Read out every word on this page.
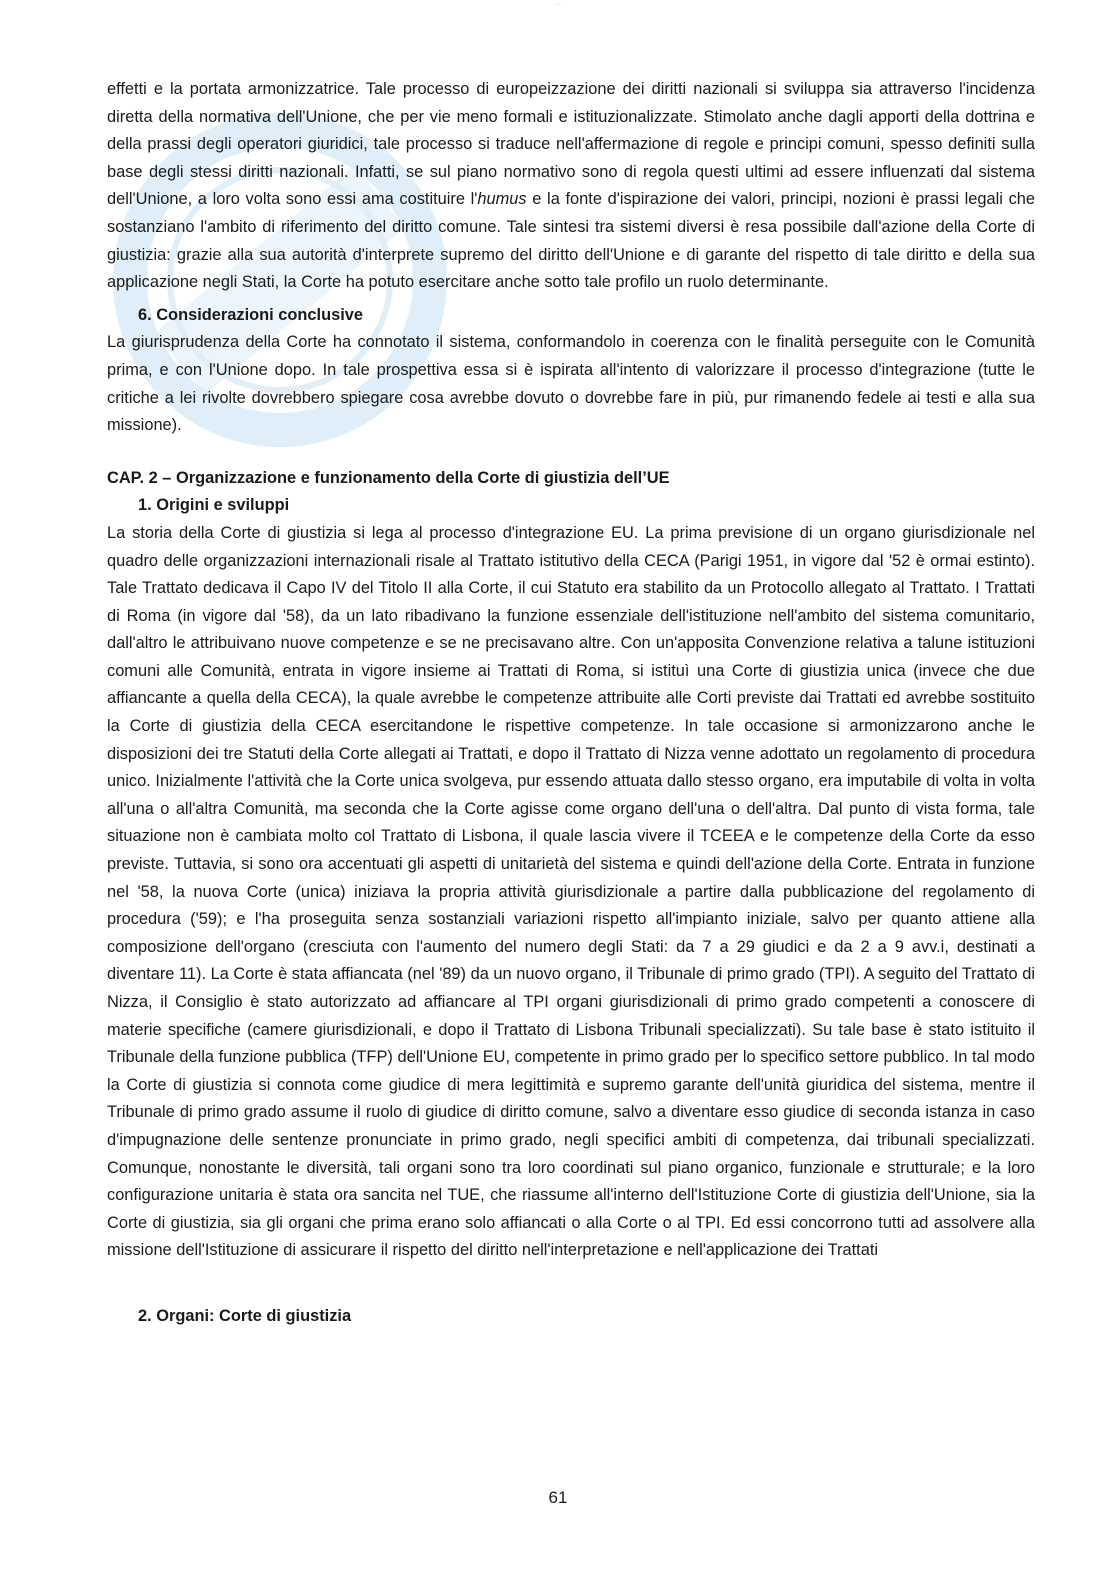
·····

effetti e la portata armonizzatrice. Tale processo di europeizzazione dei diritti nazionali si sviluppa sia attraverso l'incidenza diretta della normativa dell'Unione, che per vie meno formali e istituzionalizzate. Stimolato anche dagli apporti della dottrina e della prassi degli operatori giuridici, tale processo si traduce nell'affermazione di regole e principi comuni, spesso definiti sulla base degli stessi diritti nazionali. Infatti, se sul piano normativo sono di regola questi ultimi ad essere influenzati dal sistema dell'Unione, a loro volta sono essi ama costituire l'humus e la fonte d'ispirazione dei valori, principi, nozioni è prassi legali che sostanziano l'ambito di riferimento del diritto comune. Tale sintesi tra sistemi diversi è resa possibile dall'azione della Corte di giustizia: grazie alla sua autorità d'interprete supremo del diritto dell'Unione e di garante del rispetto di tale diritto e della sua applicazione negli Stati, la Corte ha potuto esercitare anche sotto tale profilo un ruolo determinante.

6. Considerazioni conclusive

La giurisprudenza della Corte ha connotato il sistema, conformandolo in coerenza con le finalità perseguite con le Comunità prima, e con l'Unione dopo. In tale prospettiva essa si è ispirata all'intento di valorizzare il processo d'integrazione (tutte le critiche a lei rivolte dovrebbero spiegare cosa avrebbe dovuto o dovrebbe fare in più, pur rimanendo fedele ai testi e alla sua missione).

CAP. 2 – Organizzazione e funzionamento della Corte di giustizia dell’UE

1. Origini e sviluppi

La storia della Corte di giustizia si lega al processo d'integrazione EU. La prima previsione di un organo giurisdizionale nel quadro delle organizzazioni internazionali risale al Trattato istitutivo della CECA (Parigi 1951, in vigore dal '52 è ormai estinto). Tale Trattato dedicava il Capo IV del Titolo II alla Corte, il cui Statuto era stabilito da un Protocollo allegato al Trattato. I Trattati di Roma (in vigore dal '58), da un lato ribadivano la funzione essenziale dell'istituzione nell'ambito del sistema comunitario, dall'altro le attribuivano nuove competenze e se ne precisavano altre. Con un'apposita Convenzione relativa a talune istituzioni comuni alle Comunità, entrata in vigore insieme ai Trattati di Roma, si istituì una Corte di giustizia unica (invece che due affiancante a quella della CECA), la quale avrebbe le competenze attribuite alle Corti previste dai Trattati ed avrebbe sostituito la Corte di giustizia della CECA esercitandone le rispettive competenze. In tale occasione si armonizzarono anche le disposizioni dei tre Statuti della Corte allegati ai Trattati, e dopo il Trattato di Nizza venne adottato un regolamento di procedura unico. Inizialmente l'attività che la Corte unica svolgeva, pur essendo attuata dallo stesso organo, era imputabile di volta in volta all'una o all'altra Comunità, ma seconda che la Corte agisse come organo dell'una o dell'altra. Dal punto di vista forma, tale situazione non è cambiata molto col Trattato di Lisbona, il quale lascia vivere il TCEEA e le competenze della Corte da esso previste. Tuttavia, si sono ora accentuati gli aspetti di unitarietà del sistema e quindi dell'azione della Corte. Entrata in funzione nel '58, la nuova Corte (unica) iniziava la propria attività giurisdizionale a partire dalla pubblicazione del regolamento di procedura ('59); e l'ha proseguita senza sostanziali variazioni rispetto all'impianto iniziale, salvo per quanto attiene alla composizione dell'organo (cresciuta con l'aumento del numero degli Stati: da 7 a 29 giudici e da 2 a 9 avv.i, destinati a diventare 11). La Corte è stata affiancata (nel '89) da un nuovo organo, il Tribunale di primo grado (TPI). A seguito del Trattato di Nizza, il Consiglio è stato autorizzato ad affiancare al TPI organi giurisdizionali di primo grado competenti a conoscere di materie specifiche (camere giurisdizionali, e dopo il Trattato di Lisbona Tribunali specializzati). Su tale base è stato istituito il Tribunale della funzione pubblica (TFP) dell'Unione EU, competente in primo grado per lo specifico settore pubblico. In tal modo la Corte di giustizia si connota come giudice di mera legittimità e supremo garante dell'unità giuridica del sistema, mentre il Tribunale di primo grado assume il ruolo di giudice di diritto comune, salvo a diventare esso giudice di seconda istanza in caso d'impugnazione delle sentenze pronunciate in primo grado, negli specifici ambiti di competenza, dai tribunali specializzati. Comunque, nonostante le diversità, tali organi sono tra loro coordinati sul piano organico, funzionale e strutturale; e la loro configurazione unitaria è stata ora sancita nel TUE, che riassume all'interno dell'Istituzione Corte di giustizia dell'Unione, sia la Corte di giustizia, sia gli organi che prima erano solo affiancati o alla Corte o al TPI. Ed essi concorrono tutti ad assolvere alla missione dell'Istituzione di assicurare il rispetto del diritto nell'interpretazione e nell'applicazione dei Trattati

2. Organi: Corte di giustizia

61
